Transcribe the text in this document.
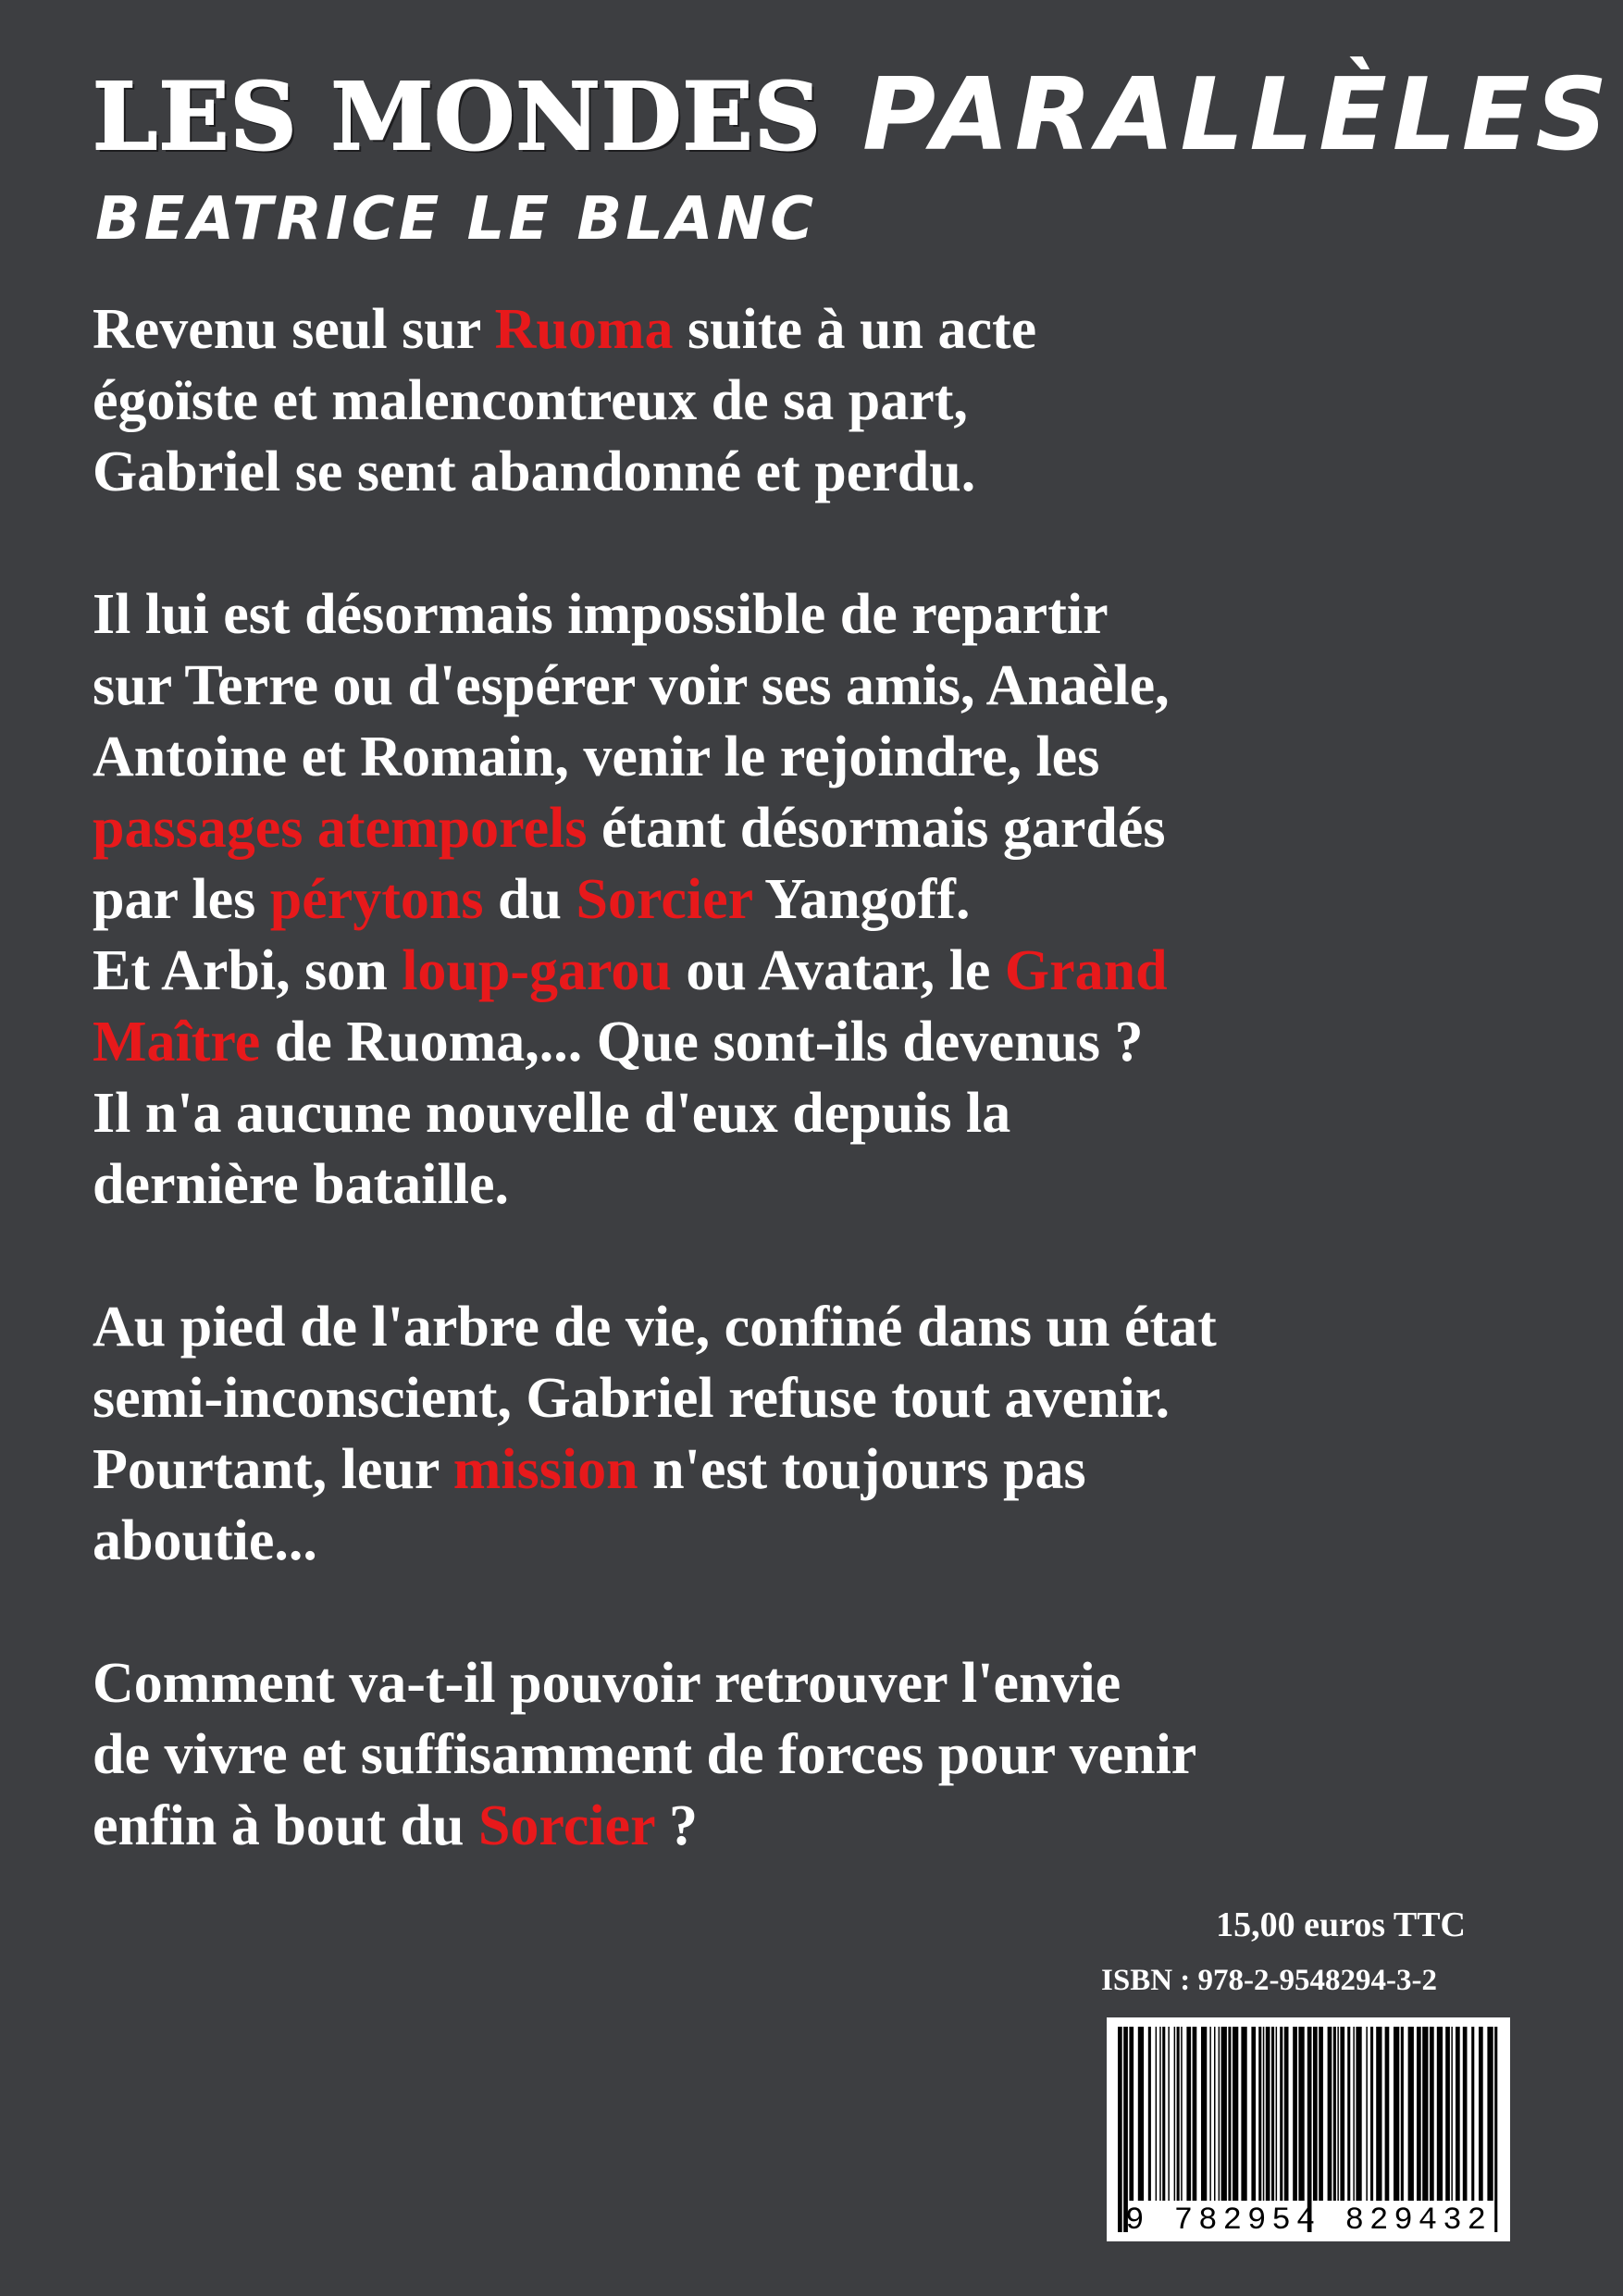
LES MONDES PARALLÈLES
BEATRICE LE BLANC
Revenu seul sur Ruoma suite à un acte
égoïste et malencontreux de sa part,
Gabriel se sent abandonné et perdu.
Il lui est désormais impossible de repartir
sur Terre ou d'espérer voir ses amis, Anaèle,
Antoine et Romain, venir le rejoindre, les
passages atemporels étant désormais gardés
par les pérytons du Sorcier Yangoff.
Et Arbi, son loup-garou ou Avatar, le Grand
Maître de Ruoma,... Que sont-ils devenus ?
Il n'a aucune nouvelle d'eux depuis la
dernière bataille.
Au pied de l'arbre de vie, confiné dans un état
semi-inconscient, Gabriel refuse tout avenir.
Pourtant, leur mission n'est toujours pas
aboutie...
Comment va-t-il pouvoir retrouver l'envie
de vivre et suffisamment de forces pour venir
enfin à bout du Sorcier ?
15,00 euros TTC
ISBN : 978-2-9548294-3-2
9 782954 829432
